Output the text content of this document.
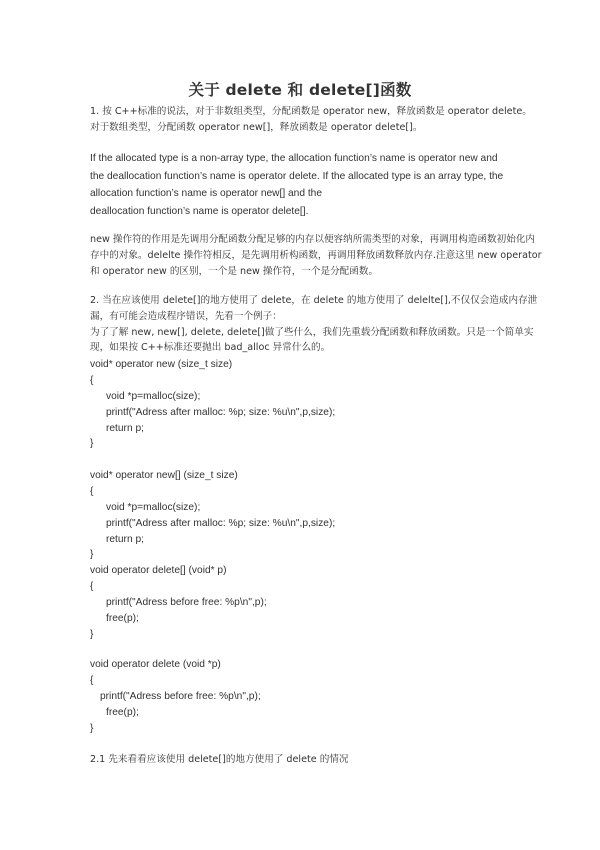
关于 delete 和 delete[]函数
1. 按 C++标准的说法，对于非数组类型，分配函数是 operator new，释放函数是 operator delete。
对于数组类型，分配函数 operator new[]，释放函数是 operator delete[]。
If the allocated type is a non-array type, the allocation function’s name is operator new and
the deallocation function’s name is operator delete. If the allocated type is an array type, the
allocation function’s name is operator new[] and the
deallocation function’s name is operator delete[].
new 操作符的作用是先调用分配函数分配足够的内存以便容纳所需类型的对象，再调用构造函数初始化内
存中的对象。delelte 操作符相反，是先调用析构函数，再调用释放函数释放内存.注意这里 new operator
和 operator new 的区别，一个是 new 操作符，一个是分配函数。
2. 当在应该使用 delete[]的地方使用了 delete，在 delete 的地方使用了 delelte[],不仅仅会造成内存泄
漏，有可能会造成程序错误，先看一个例子：
为了了解 new, new[], delete, delete[]做了些什么，我们先重载分配函数和释放函数。只是一个简单实
现，如果按 C++标准还要抛出 bad_alloc 异常什么的。
void* operator new (size_t size)
{
void *p=malloc(size);
printf("Adress after malloc: %p; size: %u\n",p,size);
return p;
}
void* operator new[] (size_t size)
{
void *p=malloc(size);
printf("Adress after malloc: %p; size: %u\n",p,size);
return p;
}
void operator delete[] (void* p)
{
printf("Adress before free: %p\n",p);
free(p);
}
void operator delete (void *p)
{
printf("Adress before free: %p\n",p);
free(p);
}
2.1 先来看看应该使用 delete[]的地方使用了 delete 的情况
